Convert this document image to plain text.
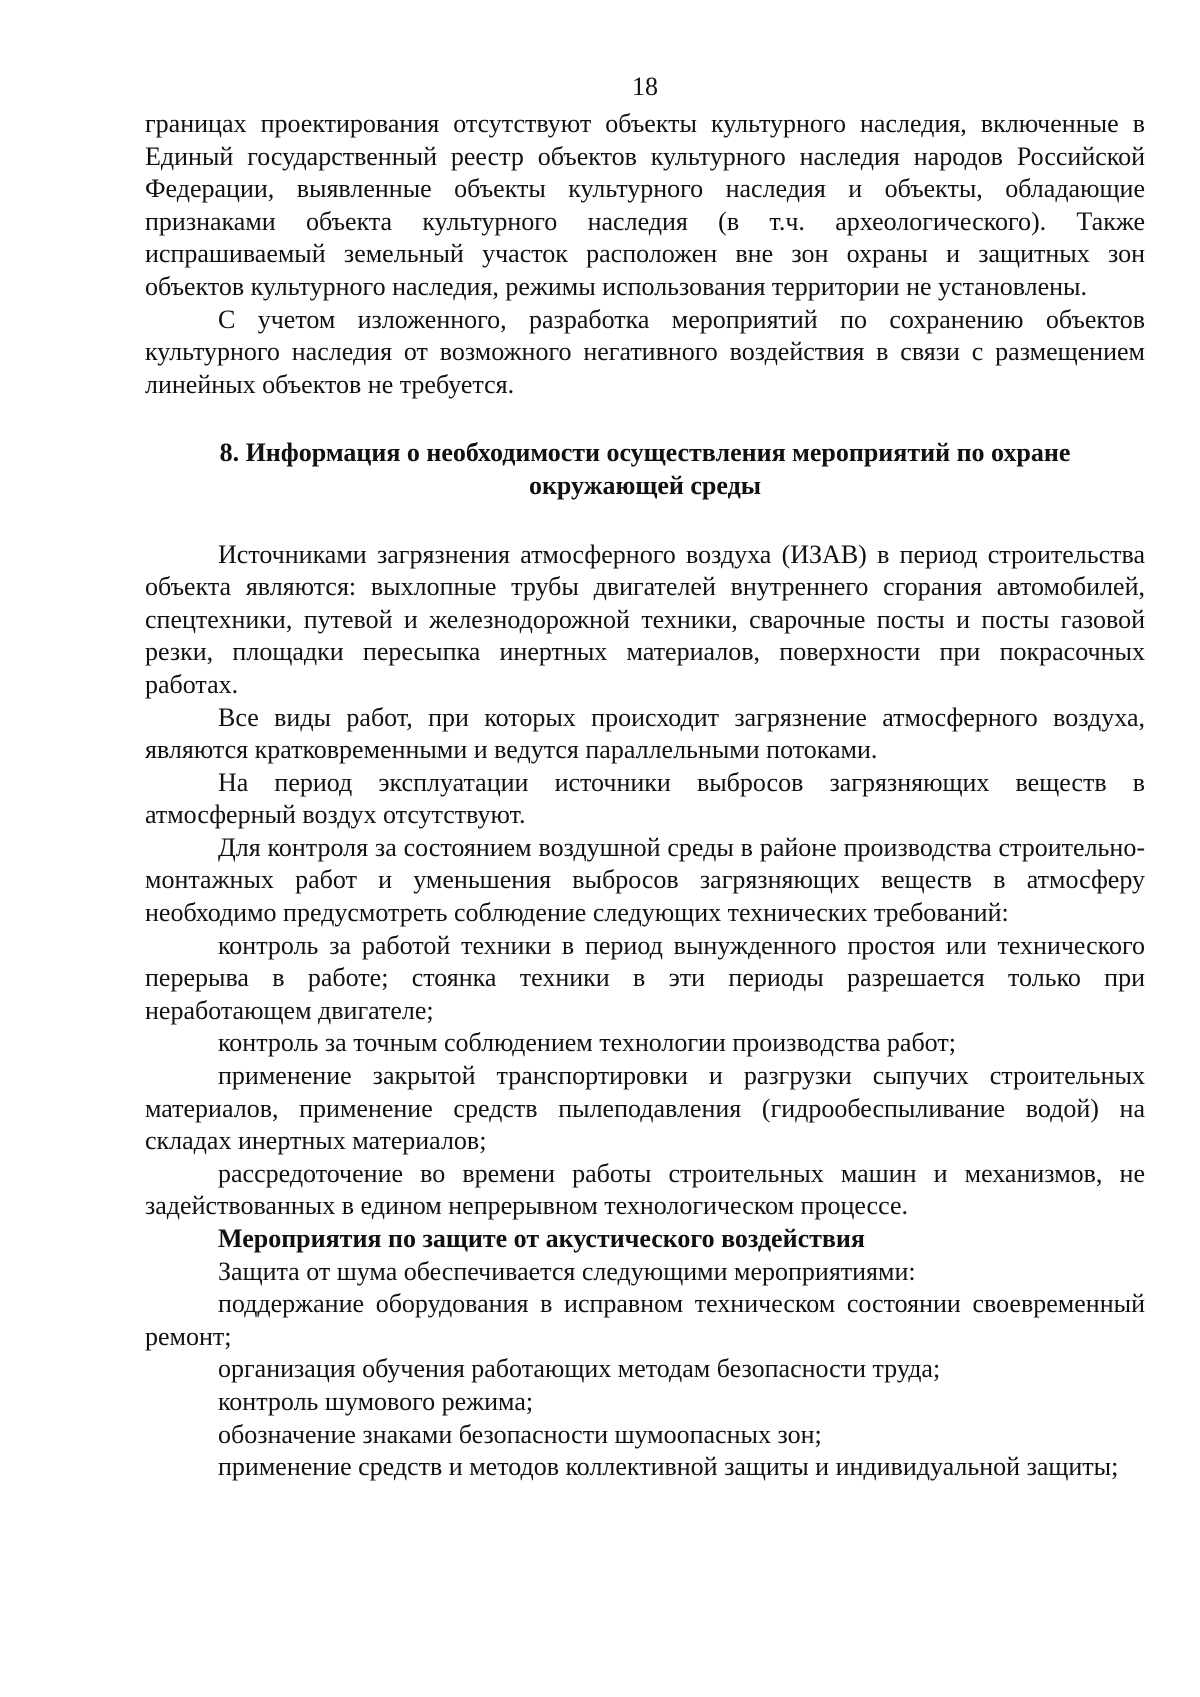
18

границах проектирования отсутствуют объекты культурного наследия, включенные в Единый государственный реестр объектов культурного наследия народов Российской Федерации, выявленные объекты культурного наследия и объекты, обладающие признаками объекта культурного наследия (в т.ч. археологического). Также испрашиваемый земельный участок расположен вне зон охраны и защитных зон объектов культурного наследия, режимы использования территории не установлены.

С учетом изложенного, разработка мероприятий по сохранению объектов культурного наследия от возможного негативного воздействия в связи с размещением линейных объектов не требуется.

8. Информация о необходимости осуществления мероприятий по охране окружающей среды

Источниками загрязнения атмосферного воздуха (ИЗАВ) в период строительства объекта являются: выхлопные трубы двигателей внутреннего сгорания автомобилей, спецтехники, путевой и железнодорожной техники, сварочные посты и посты газовой резки, площадки пересыпка инертных материалов, поверхности при покрасочных работах.

Все виды работ, при которых происходит загрязнение атмосферного воздуха, являются кратковременными и ведутся параллельными потоками.

На период эксплуатации источники выбросов загрязняющих веществ в атмосферный воздух отсутствуют.

Для контроля за состоянием воздушной среды в районе производства строительно-монтажных работ и уменьшения выбросов загрязняющих веществ в атмосферу необходимо предусмотреть соблюдение следующих технических требований:

контроль за работой техники в период вынужденного простоя или технического перерыва в работе; стоянка техники в эти периоды разрешается только при неработающем двигателе;

контроль за точным соблюдением технологии производства работ;

применение закрытой транспортировки и разгрузки сыпучих строительных материалов, применение средств пылеподавления (гидрообеспыливание водой) на складах инертных материалов;

рассредоточение во времени работы строительных машин и механизмов, не задействованных в едином непрерывном технологическом процессе.

Мероприятия по защите от акустического воздействия

Защита от шума обеспечивается следующими мероприятиями:

поддержание оборудования в исправном техническом состоянии своевременный ремонт;

организация обучения работающих методам безопасности труда;

контроль шумового режима;

обозначение знаками безопасности шумоопасных зон;

применение средств и методов коллективной защиты и индивидуальной защиты;
